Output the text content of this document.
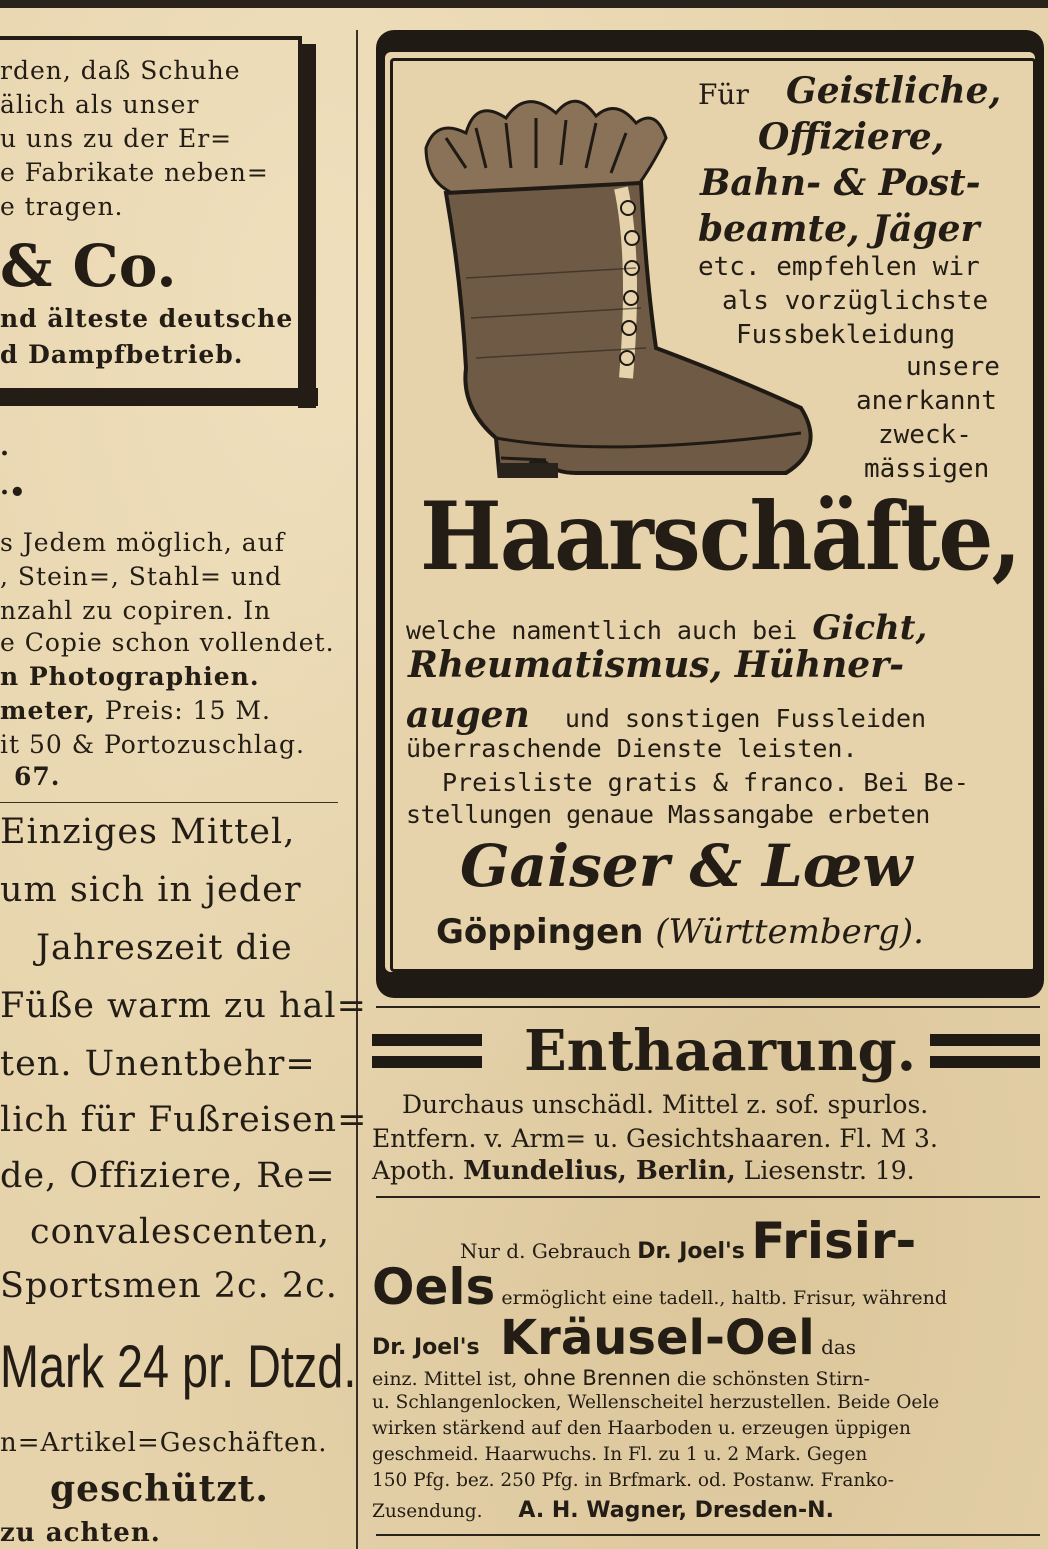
rden, daß Schuhe
älich als unser
u uns zu der Er=
e Fabrikate neben=
e tragen.
& Co.
nd älteste deutsche
d Dampfbetrieb.
.
·•
s Jedem möglich, auf
, Stein=, Stahl= und
nzahl zu copiren. In
e Copie schon vollendet.
n Photographien.
meter, Preis: 15 M.
it 50 & Portozuschlag.
67.
Einziges Mittel,
um sich in jeder
Jahreszeit die
Füße warm zu hal=
ten. Unentbehr=
lich für Fußreisen=
de, Offiziere, Re=
convalescenten,
Sportsmen 2c. 2c.
Mark 24 pr. Dtzd.
n=Artikel=Geschäften.
geschützt.
zu achten.
Für Geistliche,
Offiziere,
Bahn- & Post-
beamte, Jäger
etc. empfehlen wir
als vorzüglichste
Fussbekleidung
unsere
anerkannt
zweck-
mässigen
Haarschäfte,
welche namentlich auch bei Gicht,
Rheumatismus, Hühner-
augen und sonstigen Fussleiden
überraschende Dienste leisten.
Preisliste gratis & franco. Bei Be-
stellungen genaue Massangabe erbeten
Gaiser & Lœw
Göppingen (Württemberg).
Enthaarung.
Durchaus unschädl. Mittel z. sof. spurlos.
Entfern. v. Arm= u. Gesichtshaaren. Fl. M 3.
Apoth. Mundelius, Berlin, Liesenstr. 19.
Nur d. Gebrauch Dr. Joel's Frisir-
Oels ermöglicht eine tadell., haltb. Frisur, während
Dr. Joel's Kräusel-Oel das
einz. Mittel ist, ohne Brennen die schönsten Stirn-
u. Schlangenlocken, Wellenscheitel herzustellen. Beide Oele
wirken stärkend auf den Haarboden u. erzeugen üppigen
geschmeid. Haarwuchs. In Fl. zu 1 u. 2 Mark. Gegen
150 Pfg. bez. 250 Pfg. in Brfmark. od. Postanw. Franko-
Zusendung. A. H. Wagner, Dresden-N.
